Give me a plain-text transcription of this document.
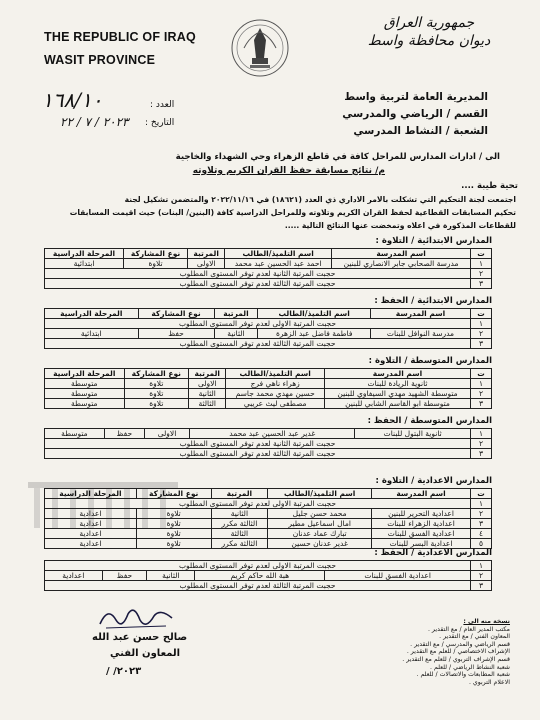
THE REPUBLIC OF IRAQ
WASIT PROVINCE
جمهورية العراق
ديوان محافظة واسط
المديرية العامة لتربية واسط
القسم / الرياضي والمدرسي
الشعبة / النشاط المدرسي
العدد :
١٦٨/١٠
التاريخ :
٢٠٢٣ / ٧ / ٢٢
الى / ادارات المدارس للمراحل كافة في قاطع الزهراء وحي الشهداء والخاجية
م/ نتائج مسابقة حفظ القران الكريم وتلاوته
تحية طيبة ....
اجتمعت لجنة التحكيم التي تشكلت بالامر الاداري ذي العدد (١٨٦٢١) في ٢٠٢٢/١١/١٦ والمتضمن تشكيل لجنة
تحكيم المسابقات القطاعية لحفظ القران الكريم وتلاوته وللمراحل الدراسية كافة (البنين/ البنات) حيث اقيمت المسابقات
للقطاعات المذكورة في اعلاه وتمخضت عنها النتائج التالية .....
المدارس الابتدائية / التلاوة :
ت	اسم المدرسة	اسم التلميذ/الطالب	المرتبة	نوع المشاركة	المرحلة الدراسية
١	مدرسة الصحابي جابر الانصاري للبنين	احمد عبد الحسين عبد محمد	الاولى	تلاوة	ابتدائية
٢	حجبت المرتبة الثانية لعدم توفر المستوى المطلوب				
٣	حجبت المرتبة الثالثة لعدم توفر المستوى المطلوب				
المدارس الابتدائية / الحفظ :
ت	اسم المدرسة	اسم التلميذ/الطالب	المرتبة	نوع المشاركة	المرحلة الدراسية
١	حجبت المرتبة الاولى لعدم توفر المستوى المطلوب				
٢	مدرسة النوافل للبنات	فاطمة فاضل عبد الزهرة	الثانية	حفظ	ابتدائية
٣	حجبت المرتبة الثالثة لعدم توفر المستوى المطلوب				
المدارس المتوسطة / التلاوة :
ت	اسم المدرسة	اسم التلميذ/الطالب	المرتبة	نوع المشاركة	المرحلة الدراسية
١	ثانوية الريادة للبنات	زهراء ناهي فرج	الاولى	تلاوة	متوسطة
٢	متوسطة الشهيد مهدي السيفاوي للبنين	حسين مهدي محمد جاسم	الثانية	تلاوة	متوسطة
٣	متوسطة ابو القاسم الشابي للبنين	مصطفى ليث عريبي	الثالثة	تلاوة	متوسطة
المدارس المتوسطة / الحفظ :
١	ثانوية البتول للبنات	غدير عبد الحسين عبد محمد	الاولى	حفظ	متوسطة
٢	حجبت المرتبة الثانية لعدم توفر المستوى المطلوب				
٣	حجبت المرتبة الثالثة لعدم توفر المستوى المطلوب				
المدارس الاعدادية / التلاوة :
ت	اسم المدرسة	اسم التلميذ/الطالب	المرتبة	نوع المشاركة	المرحلة الدراسية
١	حجبت المرتبة الاولى لعدم توفر المستوى المطلوب				
٢	اعدادية التحرير للبنين	محمد حسن جليل	الثانية	تلاوة	اعدادية
٣	اعدادية الزهراء للبنات	امال اسماعيل مطير	الثالثة مكرر	تلاوة	اعدادية
٤	اعدادية الفسق للبنات	تبارك عماد عدنان	الثالثة	تلاوة	اعدادية
٥	اعدادية البسر للبنات	غدير عدنان حسين	الثالثة مكرر	تلاوة	اعدادية
المدارس الاعدادية / الحفظ :
١	حجبت المرتبة الاولى لعدم توفر المستوى المطلوب				
٢	اعدادية الفسق للبنات	هبة الله حاكم كريم	الثانية	حفظ	اعدادية
٣	حجبت المرتبة الثالثة لعدم توفر المستوى المطلوب				
صالح حسن عبد الله
المعاون الفني
٢٠٢٣/ /
نسخة منه الى :
مكتب المدير العام / مع التقدير .
المعاون الفني / مع التقدير .
قسم الرياضي والمدرسي / مع التقدير .
الإشراف الاختصاصي / للعلم مع التقدير .
قسم الإشراف التربوي / للعلم مع التقدير .
شعبة النشاط الرياضي / للعلم .
شعبة المطابعات والاتصالات / للعلم .
الاعلام التربوي .
